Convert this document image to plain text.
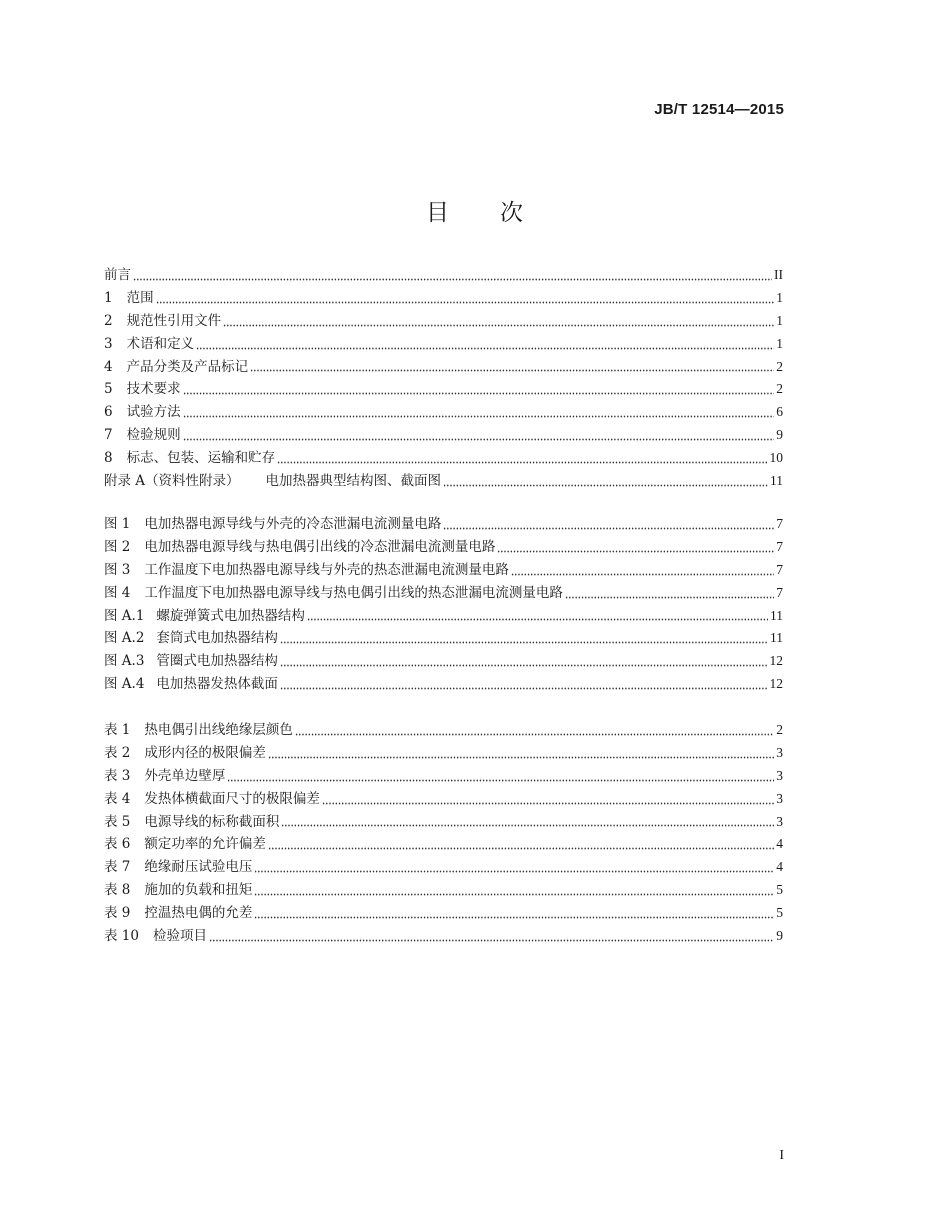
JB/T 12514—2015
目 次
前言	II
1 范围	1
2 规范性引用文件	1
3 术语和定义	1
4 产品分类及产品标记	2
5 技术要求	2
6 试验方法	6
7 检验规则	9
8 标志、包装、运输和贮存	10
附录 A（资料性附录） 电加热器典型结构图、截面图	11
图 1 电加热器电源导线与外壳的冷态泄漏电流测量电路	7
图 2 电加热器电源导线与热电偶引出线的冷态泄漏电流测量电路	7
图 3 工作温度下电加热器电源导线与外壳的热态泄漏电流测量电路	7
图 4 工作温度下电加热器电源导线与热电偶引出线的热态泄漏电流测量电路	7
图 A.1 螺旋弹簧式电加热器结构	11
图 A.2 套筒式电加热器结构	11
图 A.3 管圈式电加热器结构	12
图 A.4 电加热器发热体截面	12
表 1 热电偶引出线绝缘层颜色	2
表 2 成形内径的极限偏差	3
表 3 外壳单边壁厚	3
表 4 发热体横截面尺寸的极限偏差	3
表 5 电源导线的标称截面积	3
表 6 额定功率的允许偏差	4
表 7 绝缘耐压试验电压	4
表 8 施加的负载和扭矩	5
表 9 控温热电偶的允差	5
表 10 检验项目	9
I
